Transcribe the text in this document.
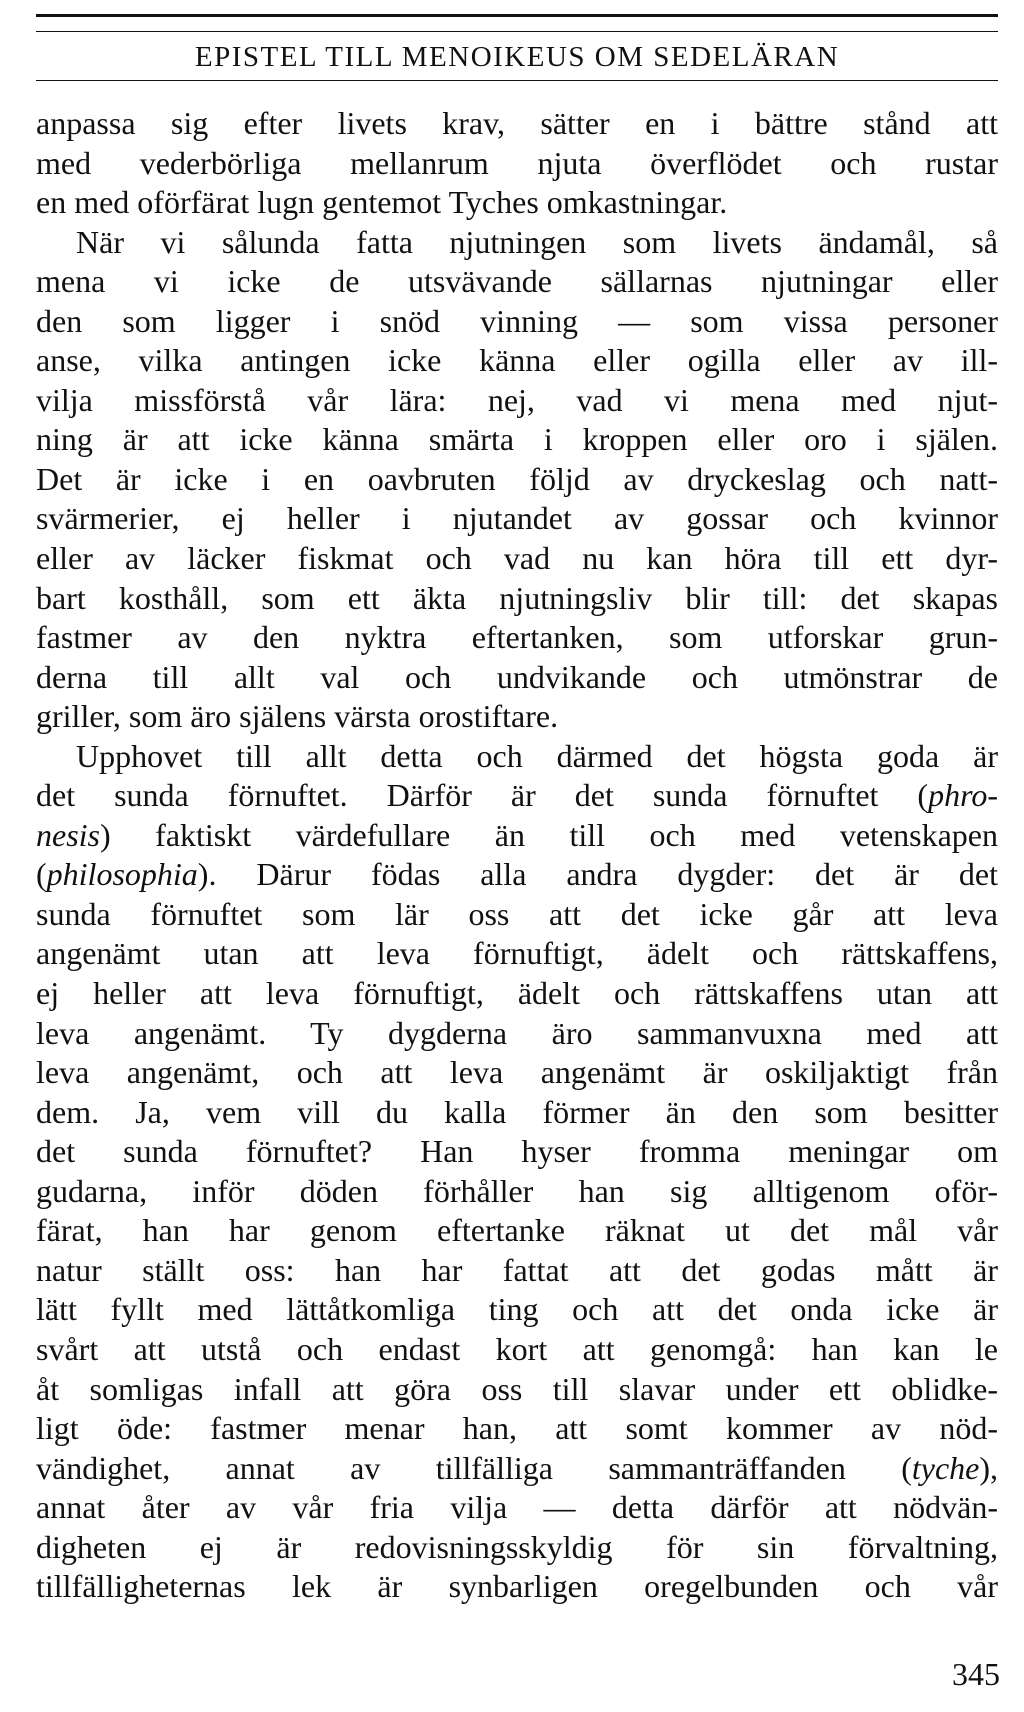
EPISTEL TILL MENOIKEUS OM SEDELÄRAN
anpassa sig efter livets krav, sätter en i bättre stånd att
med vederbörliga mellanrum njuta överflödet och rustar
en med oförfärat lugn gentemot Tyches omkastningar.
När vi sålunda fatta njutningen som livets ändamål, så
mena vi icke de utsvävande sällarnas njutningar eller
den som ligger i snöd vinning — som vissa personer
anse, vilka antingen icke känna eller ogilla eller av ill-
vilja missförstå vår lära: nej, vad vi mena med njut-
ning är att icke känna smärta i kroppen eller oro i själen.
Det är icke i en oavbruten följd av dryckeslag och natt-
svärmerier, ej heller i njutandet av gossar och kvinnor
eller av läcker fiskmat och vad nu kan höra till ett dyr-
bart kosthåll, som ett äkta njutningsliv blir till: det skapas
fastmer av den nyktra eftertanken, som utforskar grun-
derna till allt val och undvikande och utmönstrar de
griller, som äro själens värsta orostiftare.
Upphovet till allt detta och därmed det högsta goda är
det sunda förnuftet. Därför är det sunda förnuftet (phro-
nesis) faktiskt värdefullare än till och med vetenskapen
(philosophia). Därur födas alla andra dygder: det är det
sunda förnuftet som lär oss att det icke går att leva
angenämt utan att leva förnuftigt, ädelt och rättskaffens,
ej heller att leva förnuftigt, ädelt och rättskaffens utan att
leva angenämt. Ty dygderna äro sammanvuxna med att
leva angenämt, och att leva angenämt är oskiljaktigt från
dem. Ja, vem vill du kalla förmer än den som besitter
det sunda förnuftet? Han hyser fromma meningar om
gudarna, inför döden förhåller han sig alltigenom oför-
färat, han har genom eftertanke räknat ut det mål vår
natur ställt oss: han har fattat att det godas mått är
lätt fyllt med lättåtkomliga ting och att det onda icke är
svårt att utstå och endast kort att genomgå: han kan le
åt somligas infall att göra oss till slavar under ett oblidke-
ligt öde: fastmer menar han, att somt kommer av nöd-
vändighet, annat av tillfälliga sammanträffanden (tyche),
annat åter av vår fria vilja — detta därför att nödvän-
digheten ej är redovisningsskyldig för sin förvaltning,
tillfälligheternas lek är synbarligen oregelbunden och vår
345
